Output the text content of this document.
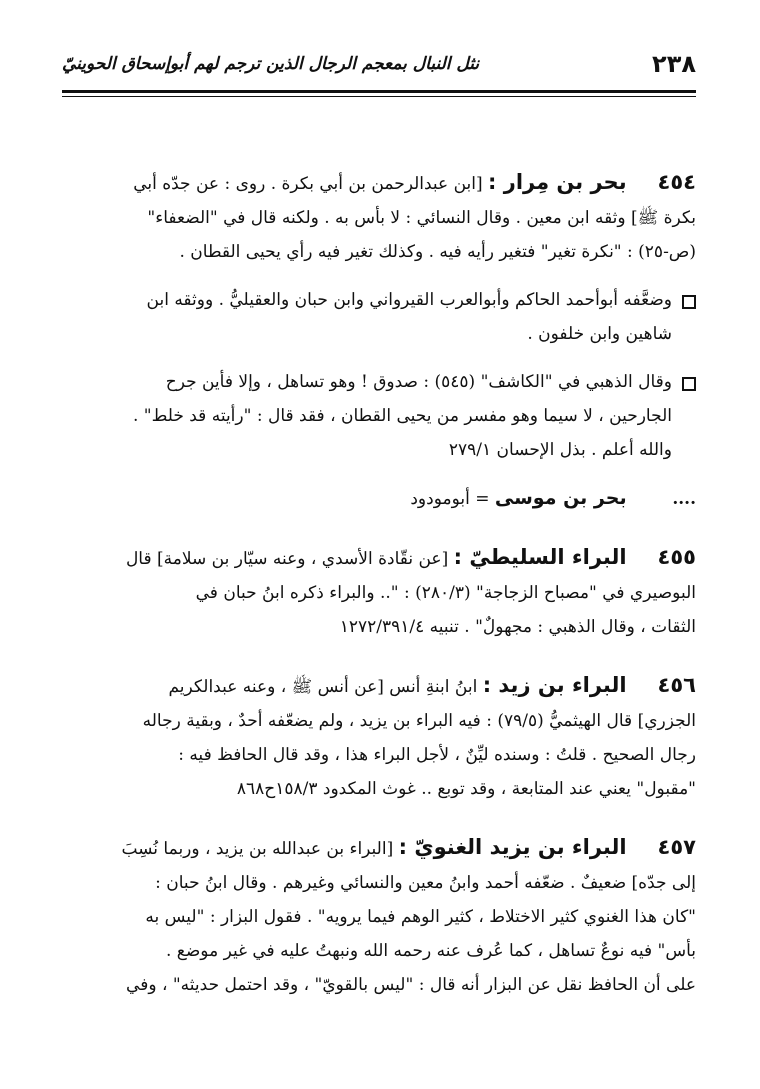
٢٣٨
نثل النبال بمعجم الرجال الذين ترجم لهم أبوإسحاق الحوينيّ
٤٥٤ بحر بن مِرار : [ابن عبدالرحمن بن أبي بكرة . روى : عن جدّه أبي
بكرة ﷺ] وثقه ابن معين . وقال النسائي : لا بأس به . ولكنه قال في "الضعفاء"
(ص-٢٥) : "نكرة تغير" فتغير رأيه فيه . وكذلك تغير فيه رأي يحيى القطان .
وضعَّفه أبوأحمد الحاكم وأبوالعرب القيرواني وابن حبان والعقيليُّ . ووثقه ابن
شاهين وابن خلفون .
وقال الذهبي في "الكاشف" (٥٤٥) : صدوق ! وهو تساهل ، وإلا فأين جرح
الجارحين ، لا سيما وهو مفسر من يحيى القطان ، فقد قال : "رأيته قد خلط" .
والله أعلم . بذل الإحسان ٢٧٩/١
.... بحر بن موسى = أبومودود
٤٥٥ البراء السليطيّ : [عن نقّادة الأسدي ، وعنه سيّار بن سلامة] قال
البوصيري في "مصباح الزجاجة" (٢٨٠/٣) : ".. والبراء ذكره ابنُ حبان في
الثقات ، وقال الذهبي : مجهولٌ" . تنبيه ١٢٧٢/٣٩١/٤
٤٥٦ البراء بن زيد : ابنُ ابنةِ أنس [عن أنس ﷺ ، وعنه عبدالكريم
الجزري] قال الهيثميُّ (٧٩/٥) : فيه البراء بن يزيد ، ولم يضعّفه أحدٌ ، وبقية رجاله
رجال الصحيح . قلتُ : وسنده ليِّنٌ ، لأجل البراء هذا ، وقد قال الحافظ فيه :
"مقبول" يعني عند المتابعة ، وقد توبع .. غوث المكدود ١٥٨/٣ح٨٦٨
٤٥٧ البراء بن يزيد الغنويّ : [البراء بن عبدالله بن يزيد ، وربما نُسِبَ
إلى جدّه] ضعيفٌ . ضعّفه أحمد وابنُ معين والنسائي وغيرهم . وقال ابنُ حبان :
"كان هذا الغنوي كثير الاختلاط ، كثير الوهم فيما يرويه" . فقول البزار : "ليس به
بأس" فيه نوعٌ تساهل ، كما عُرف عنه رحمه الله ونبهتُ عليه في غير موضع .
على أن الحافظ نقل عن البزار أنه قال : "ليس بالقويّ" ، وقد احتمل حديثه" ، وفي
